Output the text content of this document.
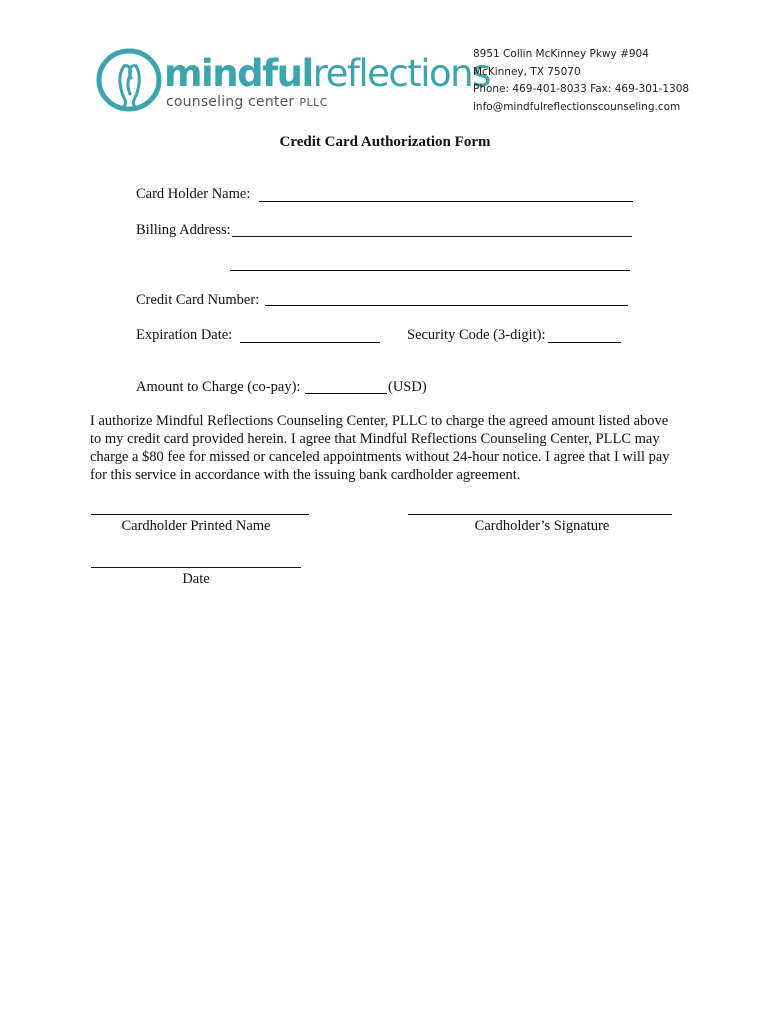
mindfulreflections
counseling center PLLC
8951 Collin McKinney Pkwy #904
McKinney, TX 75070
Phone: 469-401-8033 Fax: 469-301-1308
info@mindfulreflectionscounseling.com
Credit Card Authorization Form
Card Holder Name:
Billing Address:
Credit Card Number:
Expiration Date:	Security Code (3-digit):
Amount to Charge (co-pay):	(USD)
I authorize Mindful Reflections Counseling Center, PLLC to charge the agreed amount listed above
to my credit card provided herein. I agree that Mindful Reflections Counseling Center, PLLC may
charge a $80 fee for missed or canceled appointments without 24-hour notice. I agree that I will pay
for this service in accordance with the issuing bank cardholder agreement.
Cardholder Printed Name	Cardholder’s Signature
Date
